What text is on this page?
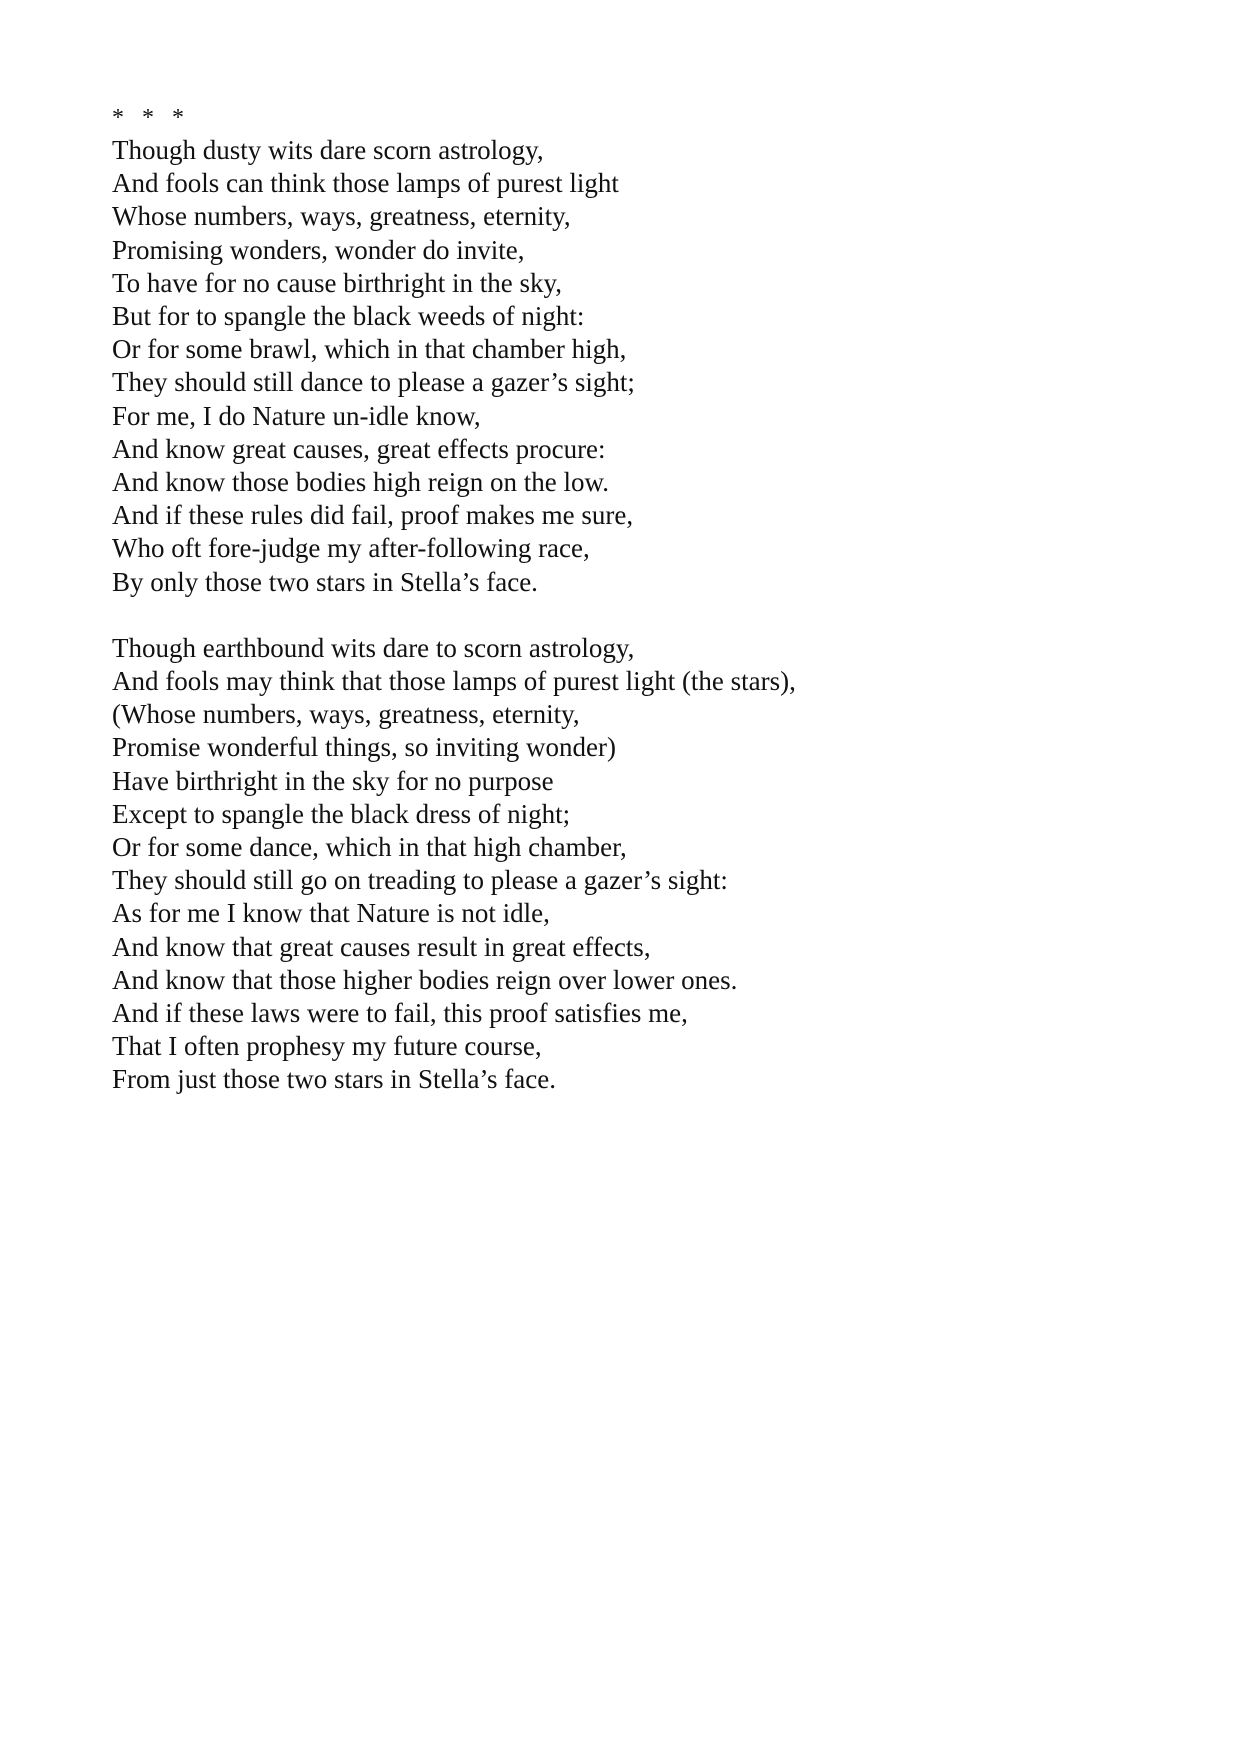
*   *   *
Though dusty wits dare scorn astrology,
And fools can think those lamps of purest light
Whose numbers, ways, greatness, eternity,
Promising wonders, wonder do invite,
To have for no cause birthright in the sky,
But for to spangle the black weeds of night:
Or for some brawl, which in that chamber high,
They should still dance to please a gazer’s sight;
For me, I do Nature un-idle know,
And know great causes, great effects procure:
And know those bodies high reign on the low.
And if these rules did fail, proof makes me sure,
Who oft fore-judge my after-following race,
By only those two stars in Stella’s face.
Though earthbound wits dare to scorn astrology,
And fools may think that those lamps of purest light (the stars),
(Whose numbers, ways, greatness, eternity,
Promise wonderful things, so inviting wonder)
Have birthright in the sky for no purpose
Except to spangle the black dress of night;
Or for some dance, which in that high chamber,
They should still go on treading to please a gazer’s sight:
As for me I know that Nature is not idle,
And know that great causes result in great effects,
And know that those higher bodies reign over lower ones.
And if these laws were to fail, this proof satisfies me,
That I often prophesy my future course,
From just those two stars in Stella’s face.
